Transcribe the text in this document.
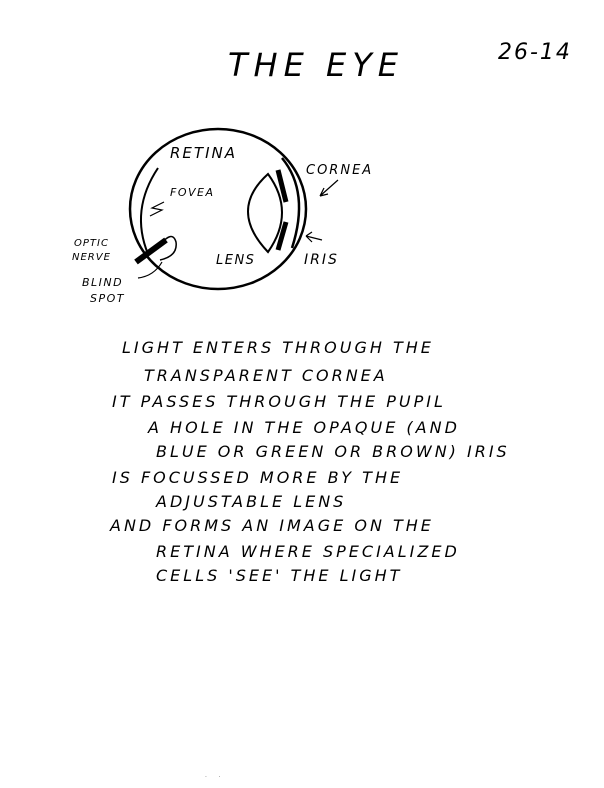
THE EYE	26-14
RETINA
CORNEA
FOVEA
OPTIC
NERVE
BLIND
SPOT
LENS	IRIS
LIGHT ENTERS THROUGH THE
TRANSPARENT CORNEA
IT PASSES THROUGH THE PUPIL
A HOLE IN THE OPAQUE (AND
BLUE OR GREEN OR BROWN) IRIS
IS FOCUSSED MORE BY THE
ADJUSTABLE LENS
AND FORMS AN IMAGE ON THE
RETINA WHERE SPECIALIZED
CELLS 'SEE' THE LIGHT
·      ·
